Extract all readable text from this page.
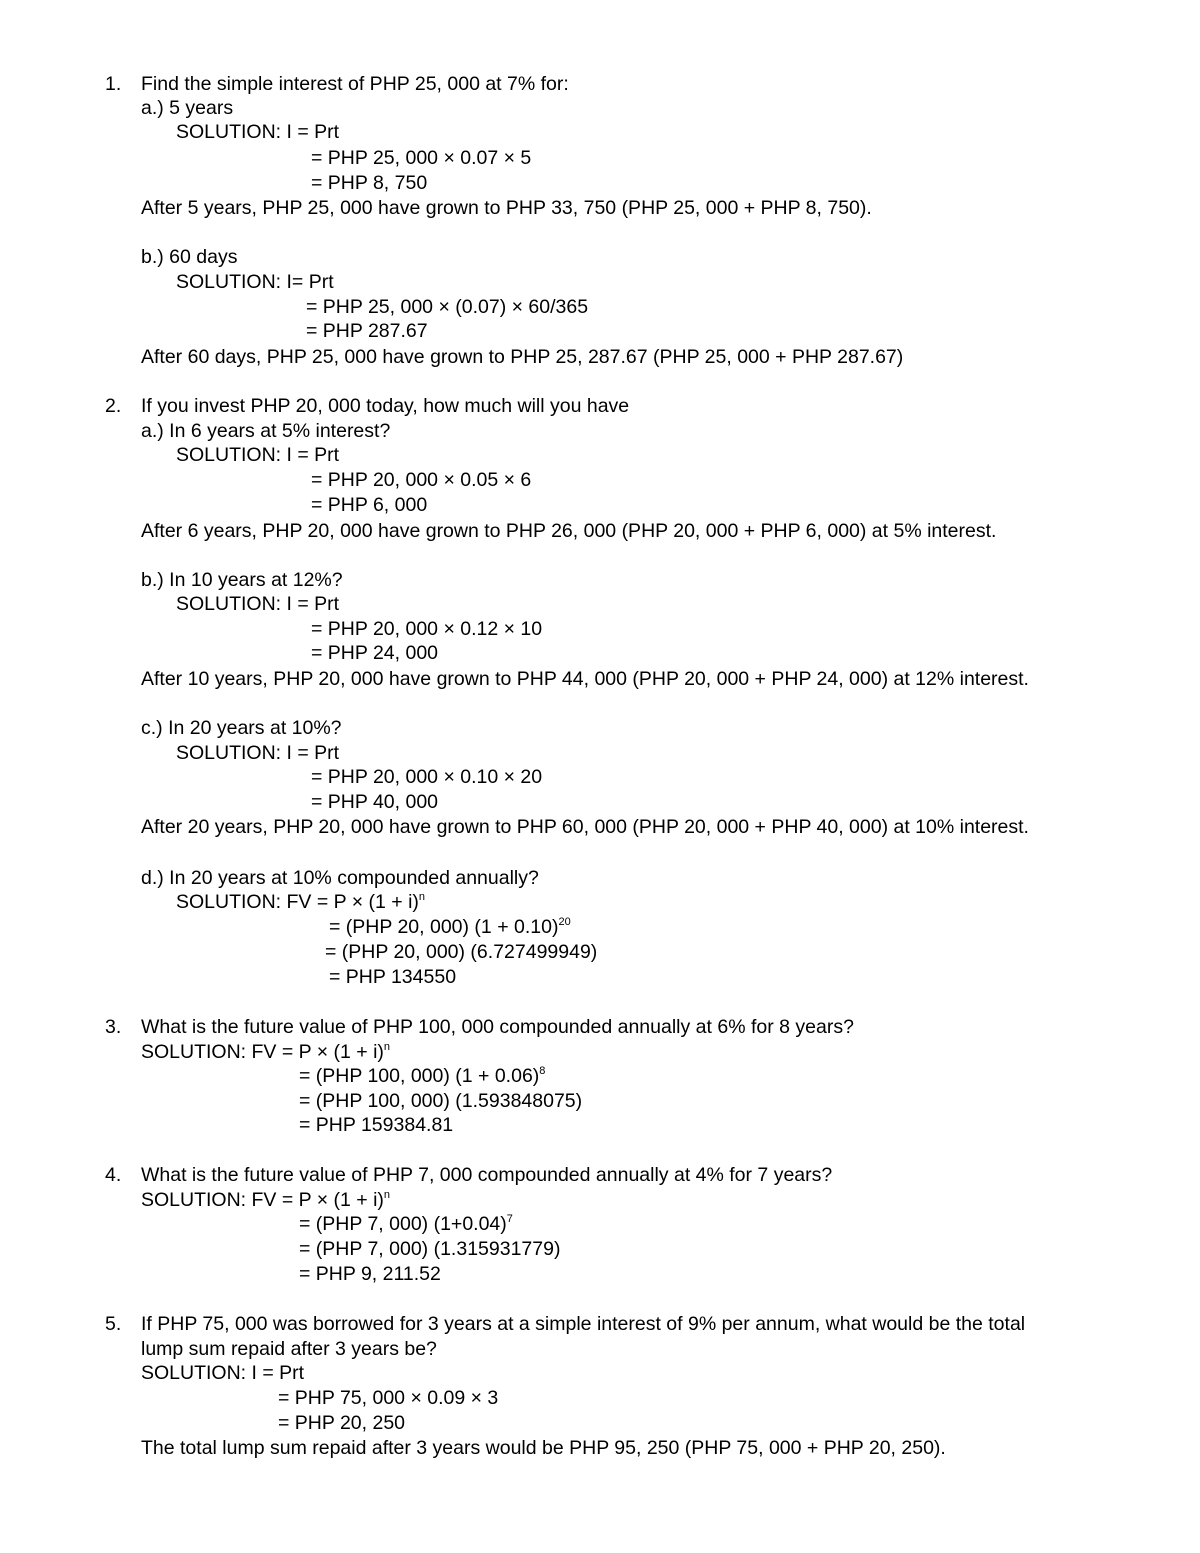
1. Find the simple interest of PHP 25, 000 at 7% for:
a.) 5 years
SOLUTION: I = Prt
= PHP 25, 000 × 0.07 × 5
= PHP 8, 750
After 5 years, PHP 25, 000 have grown to PHP 33, 750 (PHP 25, 000 + PHP 8, 750).
b.) 60 days
SOLUTION: I= Prt
= PHP 25, 000 × (0.07) × 60/365
= PHP 287.67
After 60 days, PHP 25, 000 have grown to PHP 25, 287.67 (PHP 25, 000 + PHP 287.67)
2. If you invest PHP 20, 000 today, how much will you have
a.) In 6 years at 5% interest?
SOLUTION: I = Prt
= PHP 20, 000 × 0.05 × 6
= PHP 6, 000
After 6 years, PHP 20, 000 have grown to PHP 26, 000 (PHP 20, 000 + PHP 6, 000) at 5% interest.
b.) In 10 years at 12%?
SOLUTION: I = Prt
= PHP 20, 000 × 0.12 × 10
= PHP 24, 000
After 10 years, PHP 20, 000 have grown to PHP 44, 000 (PHP 20, 000 + PHP 24, 000) at 12% interest.
c.) In 20 years at 10%?
SOLUTION: I = Prt
= PHP 20, 000 × 0.10 × 20
= PHP 40, 000
After 20 years, PHP 20, 000 have grown to PHP 60, 000 (PHP 20, 000 + PHP 40, 000) at 10% interest.
d.) In 20 years at 10% compounded annually?
SOLUTION: FV = $P \times (1 + i)^n$
= (PHP 20, 000) $(1 + 0.10)^{20}$
= (PHP 20, 000) (6.727499949)
= PHP 134550
3. What is the future value of PHP 100, 000 compounded annually at 6% for 8 years?
SOLUTION: FV = $P \times (1 + i)^n$
= (PHP 100, 000) $(1 + 0.06)^8$
= (PHP 100, 000) (1.593848075)
= PHP 159384.81
4. What is the future value of PHP 7, 000 compounded annually at 4% for 7 years?
SOLUTION: FV = $P \times (1 + i)^n$
= (PHP 7, 000) $(1+0.04)^7$
= (PHP 7, 000) (1.315931779)
= PHP 9, 211.52
5. If PHP 75, 000 was borrowed for 3 years at a simple interest of 9% per annum, what would be the total
lump sum repaid after 3 years be?
SOLUTION: I = Prt
= PHP 75, 000 × 0.09 × 3
= PHP 20, 250
The total lump sum repaid after 3 years would be PHP 95, 250 (PHP 75, 000 + PHP 20, 250).
